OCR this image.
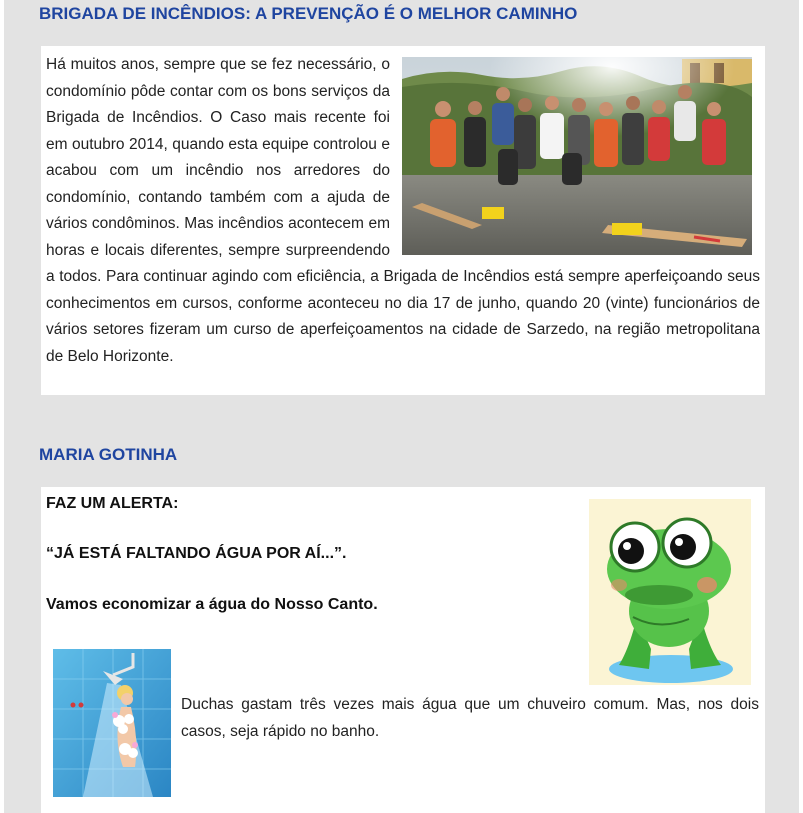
BRIGADA DE INCÊNDIOS: A PREVENÇÃO É O MELHOR CAMINHO
Há muitos anos, sempre que se fez necessário, o condomínio pôde contar com os bons serviços da Brigada de Incêndios. O Caso mais recente foi em outubro 2014, quando esta equipe controlou e acabou com um incêndio nos arredores do condomínio, contando também com a ajuda de vários condôminos. Mas incêndios acontecem em horas e locais diferentes, sempre surpreendendo a todos. Para continuar agindo com eficiência, a Brigada de Incêndios está sempre aperfeiçoando seus conhecimentos em cursos, conforme aconteceu no dia 17 de junho, quando 20 (vinte) funcionários de vários setores fizeram um curso de aperfeiçoamentos na cidade de Sarzedo, na região metropolitana de Belo Horizonte.
MARIA GOTINHA

FAZ UM ALERTA:

“JÁ ESTÁ FALTANDO ÁGUA POR AÍ...”.

Vamos economizar a água do Nosso Canto.

Duchas gastam três vezes mais água que um chuveiro comum. Mas, nos dois casos, seja rápido no banho.
